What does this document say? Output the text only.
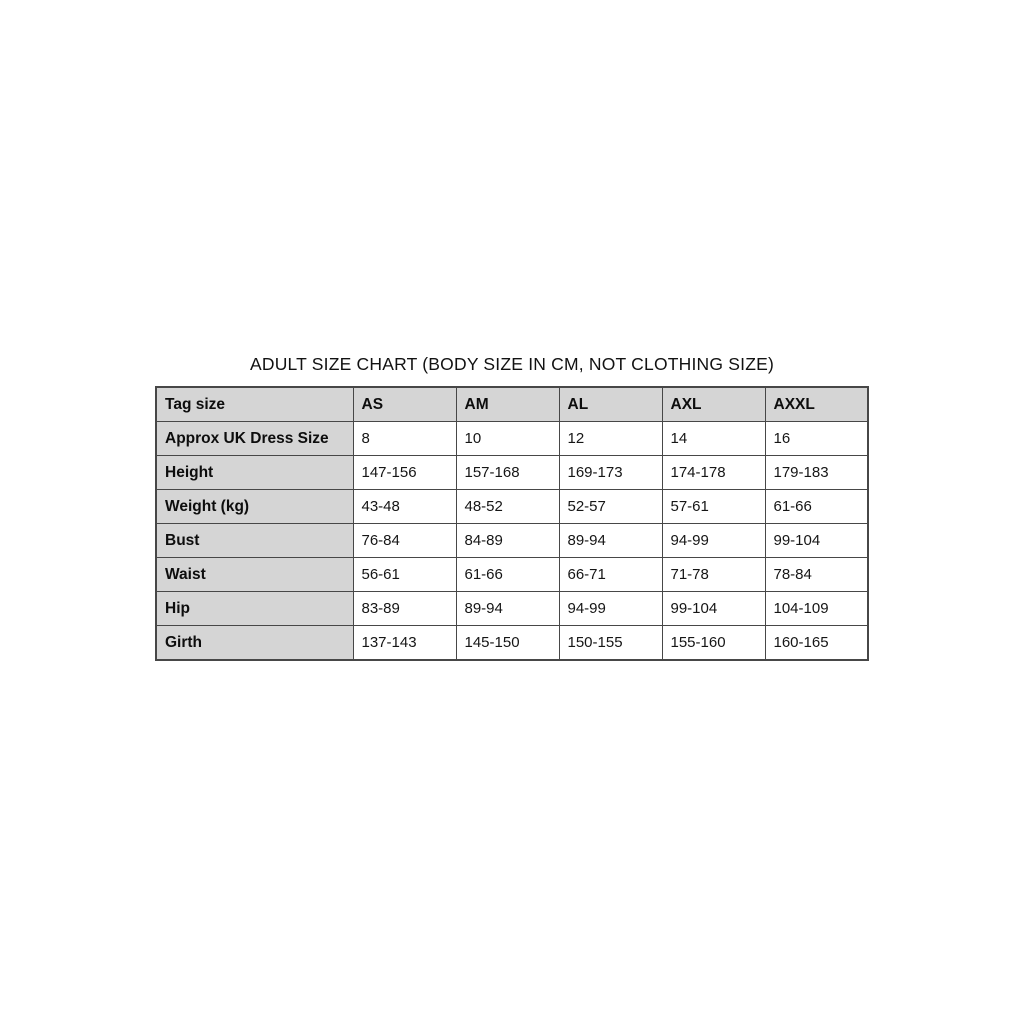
ADULT SIZE CHART (BODY SIZE IN CM, NOT CLOTHING SIZE)
Tag size	AS	AM	AL	AXL	AXXL
Approx UK Dress Size	8	10	12	14	16
Height	147-156	157-168	169-173	174-178	179-183
Weight (kg)	43-48	48-52	52-57	57-61	61-66
Bust	76-84	84-89	89-94	94-99	99-104
Waist	56-61	61-66	66-71	71-78	78-84
Hip	83-89	89-94	94-99	99-104	104-109
Girth	137-143	145-150	150-155	155-160	160-165
